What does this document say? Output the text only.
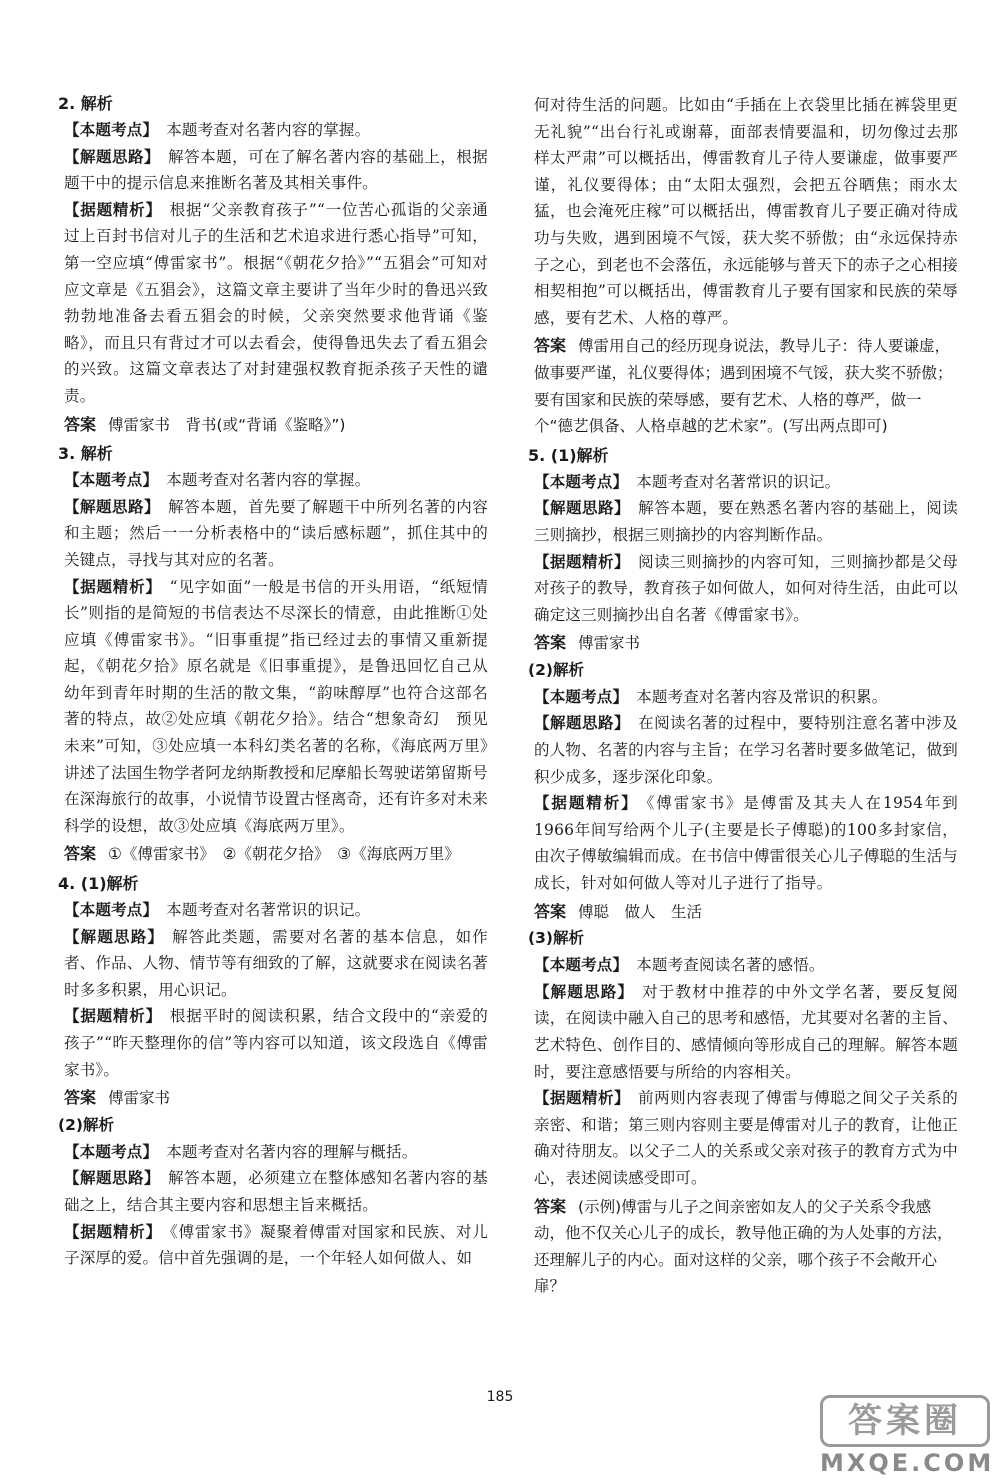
2. 解析
【本题考点】 本题考查对名著内容的掌握。
【解题思路】 解答本题，可在了解名著内容的基础上，根据题干中的提示信息来推断名著及其相关事件。
【据题精析】 根据“父亲教育孩子”“一位苦心孤诣的父亲通过上百封书信对儿子的生活和艺术追求进行悉心指导”可知，第一空应填“傅雷家书”。根据“《朝花夕拾》”“五猖会”可知对应文章是《五猖会》，这篇文章主要讲了当年少时的鲁迅兴致勃勃地准备去看五猖会的时候，父亲突然要求他背诵《鉴略》，而且只有背过才可以去看会，使得鲁迅失去了看五猖会的兴致。这篇文章表达了对封建强权教育扼杀孩子天性的谴责。
答案 傅雷家书　背书(或“背诵《鉴略》”)
3. 解析
【本题考点】 本题考查对名著内容的掌握。
【解题思路】 解答本题，首先要了解题干中所列名著的内容和主题；然后一一分析表格中的“读后感标题”，抓住其中的关键点，寻找与其对应的名著。
【据题精析】 “见字如面”一般是书信的开头用语，“纸短情长”则指的是简短的书信表达不尽深长的情意，由此推断①处应填《傅雷家书》。“旧事重提”指已经过去的事情又重新提起，《朝花夕拾》原名就是《旧事重提》，是鲁迅回忆自己从幼年到青年时期的生活的散文集，“韵味醇厚”也符合这部名著的特点，故②处应填《朝花夕拾》。结合“想象奇幻　预见未来”可知，③处应填一本科幻类名著的名称，《海底两万里》讲述了法国生物学者阿龙纳斯教授和尼摩船长驾驶诺第留斯号在深海旅行的故事，小说情节设置古怪离奇，还有许多对未来科学的设想，故③处应填《海底两万里》。
答案 ①《傅雷家书》　②《朝花夕拾》　③《海底两万里》
4. (1)解析
【本题考点】 本题考查对名著常识的识记。
【解题思路】 解答此类题，需要对名著的基本信息，如作者、作品、人物、情节等有细致的了解，这就要求在阅读名著时多多积累，用心识记。
【据题精析】 根据平时的阅读积累，结合文段中的“亲爱的孩子”“昨天整理你的信”等内容可以知道，该文段选自《傅雷家书》。
答案 傅雷家书
(2)解析
【本题考点】 本题考查对名著内容的理解与概括。
【解题思路】 解答本题，必须建立在整体感知名著内容的基础之上，结合其主要内容和思想主旨来概括。
【据题精析】 《傅雷家书》凝聚着傅雷对国家和民族、对儿子深厚的爱。信中首先强调的是，一个年轻人如何做人、如
何对待生活的问题。比如由“手插在上衣袋里比插在裤袋里更无礼貌”“出台行礼或谢幕，面部表情要温和，切勿像过去那样太严肃”可以概括出，傅雷教育儿子待人要谦虚，做事要严谨，礼仪要得体；由“太阳太强烈，会把五谷晒焦；雨水太猛，也会淹死庄稼”可以概括出，傅雷教育儿子要正确对待成功与失败，遇到困境不气馁，获大奖不骄傲；由“永远保持赤子之心，到老也不会落伍，永远能够与普天下的赤子之心相接相契相抱”可以概括出，傅雷教育儿子要有国家和民族的荣辱感，要有艺术、人格的尊严。
答案 傅雷用自己的经历现身说法，教导儿子：待人要谦虚，做事要严谨，礼仪要得体；遇到困境不气馁，获大奖不骄傲；要有国家和民族的荣辱感，要有艺术、人格的尊严，做一个“德艺俱备、人格卓越的艺术家”。(写出两点即可)
5. (1)解析
【本题考点】 本题考查对名著常识的识记。
【解题思路】 解答本题，要在熟悉名著内容的基础上，阅读三则摘抄，根据三则摘抄的内容判断作品。
【据题精析】 阅读三则摘抄的内容可知，三则摘抄都是父母对孩子的教导，教育孩子如何做人，如何对待生活，由此可以确定这三则摘抄出自名著《傅雷家书》。
答案 傅雷家书
(2)解析
【本题考点】 本题考查对名著内容及常识的积累。
【解题思路】 在阅读名著的过程中，要特别注意名著中涉及的人物、名著的内容与主旨；在学习名著时要多做笔记，做到积少成多，逐步深化印象。
【据题精析】 《傅雷家书》是傅雷及其夫人在1954年到1966年间写给两个儿子(主要是长子傅聪)的100多封家信，由次子傅敏编辑而成。在书信中傅雷很关心儿子傅聪的生活与成长，针对如何做人等对儿子进行了指导。
答案 傅聪　做人　生活
(3)解析
【本题考点】 本题考查阅读名著的感悟。
【解题思路】 对于教材中推荐的中外文学名著，要反复阅读，在阅读中融入自己的思考和感悟，尤其要对名著的主旨、艺术特色、创作目的、感情倾向等形成自己的理解。解答本题时，要注意感悟要与所给的内容相关。
【据题精析】 前两则内容表现了傅雷与傅聪之间父子关系的亲密、和谐；第三则内容则主要是傅雷对儿子的教育，让他正确对待朋友。以父子二人的关系或父亲对孩子的教育方式为中心，表述阅读感受即可。
答案 (示例)傅雷与儿子之间亲密如友人的父子关系令我感动，他不仅关心儿子的成长，教导他正确的为人处事的方法，还理解儿子的内心。面对这样的父亲，哪个孩子不会敞开心扉？
185
答案圈
MXQE.COM
